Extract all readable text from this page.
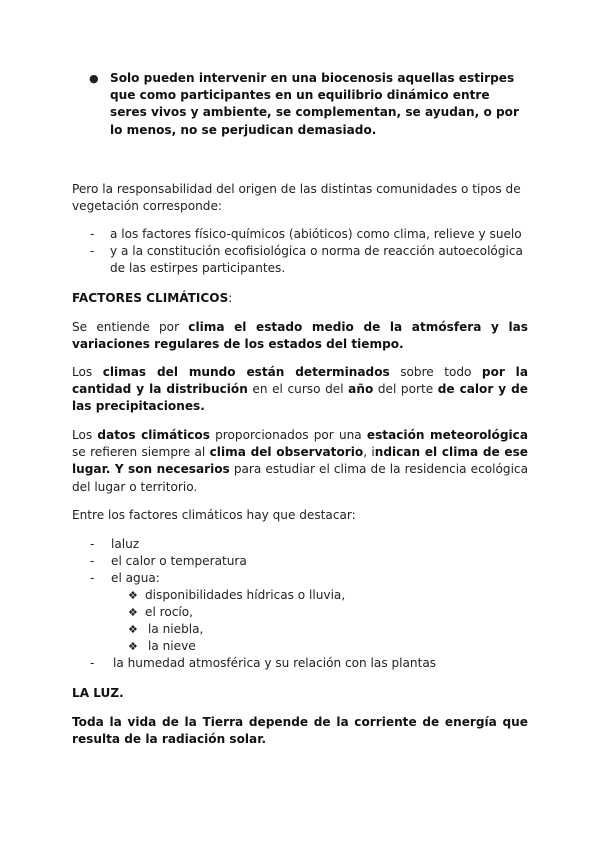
● Solo pueden intervenir en una biocenosis aquellas estirpes que como participantes en un equilibrio dinámico entre seres vivos y ambiente, se complementan, se ayudan, o por lo menos, no se perjudican demasiado.

Pero la responsabilidad del origen de las distintas comunidades o tipos de vegetación corresponde:

- a los factores físico-químicos (abióticos) como clima, relieve y suelo
- y a la constitución ecofisiológica o norma de reacción autoecológica
de las estirpes participantes.

FACTORES CLIMÁTICOS:

Se entiende por clima el estado medio de la atmósfera y las variaciones regulares de los estados del tiempo.

Los climas del mundo están determinados sobre todo por la cantidad y la distribución en el curso del año del porte de calor y de las precipitaciones.

Los datos climáticos proporcionados por una estación meteorológica se refieren siempre al clima del observatorio, indican el clima de ese lugar. Y son necesarios para estudiar el clima de la residencia ecológica del lugar o territorio.

Entre los factores climáticos hay que destacar:

- laluz
- el calor o temperatura
- el agua:
❖ disponibilidades hídricas o lluvia,
❖ el rocío,
❖ la niebla,
❖ la nieve
- la humedad atmosférica y su relación con las plantas

LA LUZ.

Toda la vida de la Tierra depende de la corriente de energía que resulta de la radiación solar.
